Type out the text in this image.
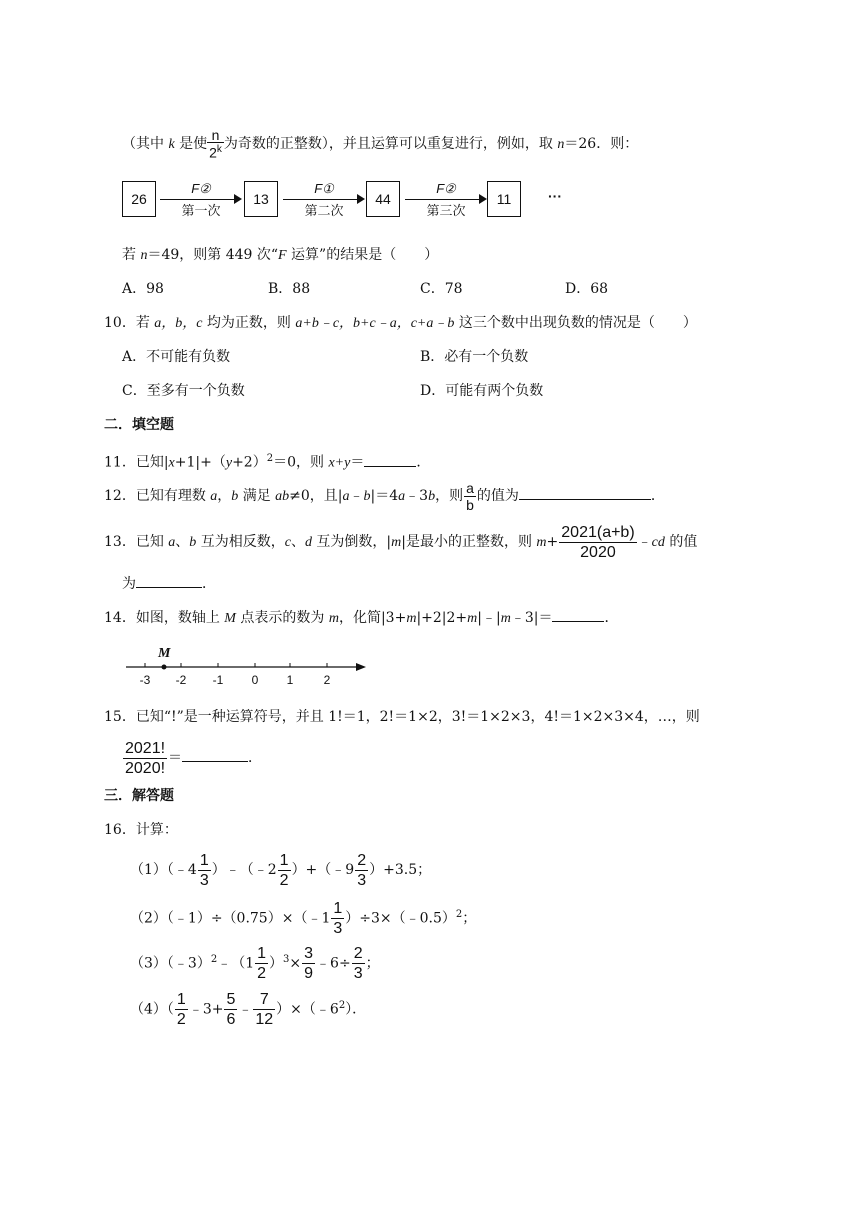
（其中 k 是使 $\frac{n}{2^k}$ 为奇数的正整数），并且运算可以重复进行，例如，取 n＝26．则：
26
F②
第一次
13
F①
第二次
44
F②
第三次
11	···
若 n＝49，则第 449 次“F 运算”的结果是（　　）
A．98	B．88	C．78	D．68
10．若 a，b，c 均为正数，则 a+b﹣c，b+c﹣a，c+a﹣b 这三个数中出现负数的情况是（　　）
A．不可能有负数	B．必有一个负数
C．至多有一个负数	D．可能有两个负数
二．填空题
11．已知$|x+1|+(y+2)^2=0$，则 x+y＝	．
12．已知有理数 a，b 满足 ab≠0，且|a﹣b|＝4a﹣3b，则 $\frac{a}{b}$ 的值为	．
13．已知 a、b 互为相反数，c、d 互为倒数，|m|是最小的正整数，则 $m+ \frac{2021(a+b)}{2020}$ ﹣cd 的值
为	．
14．如图，数轴上 M 点表示的数为 m，化简|3+m|+2|2+m|﹣|m﹣3|＝	．
M
-3 -2 -1 0 1	2
15．已知“!”是一种运算符号，并且 1!＝1，2!＝1×2，3!＝1×2×3，4!＝1×2×3×4，…，则
$\frac{2021!}{2020!}$ ＝	．
三．解答题
16．计算：
（1）（﹣4 $\frac{1}{3}$ ）﹣（﹣2 $\frac{1}{2}$ ）+（﹣9 $\frac{2}{3} )+3.5$；
（2）（﹣1）÷（0.75）×（﹣1 $\frac{1}{3}$ ）÷3×（﹣0.5）$^2$；
（3）（﹣3）$^2$﹣（1 $\frac{1}{2} )^3\times \frac{3}{9}$ ﹣6÷ $\frac{2}{3}$ ；
$(4)( \frac{1}{2}$ ﹣3+ $\frac{5}{6}$ ﹣ $\frac{7}{12}$ ）$\times(﹣6^2)$．
